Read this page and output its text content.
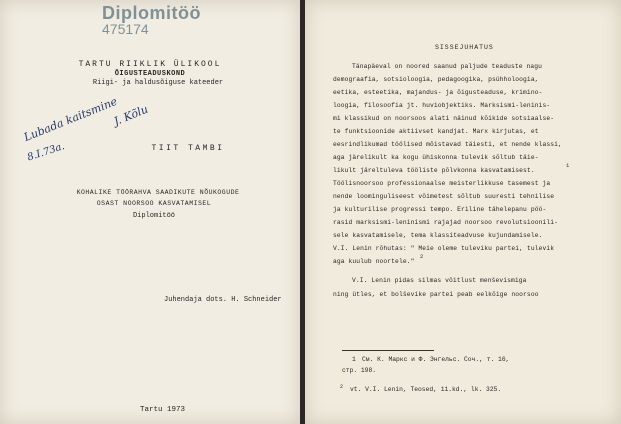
Diplomitöö
475174
TARTU RIIKLIK ÜLIKOOL
ÕIGUSTEADUSKOND
Riigi- ja haldusõiguse kateeder
Lubada kaitsmine
J. Kõlu
8.I.73a.	TIIT TAMBI
KOHALIKE TÖÖRAHVA SAADIKUTE NÕUKOGUDE
OSAST NOORSOO KASVATAMISEL
Diplomitöö
Juhendaja dots. H. Schneider
Tartu 1973
SISSEJUHATUS
Tänapäeval on noored saanud paljude teaduste nagu
demograafia, sotsioloogia, pedagoogika, psühholoogia,
eetika, esteetika, majandus- ja õigusteaduse, krimino-
loogia, filosoofia jt. huviobjektiks. Marksismi-leninis-
mi klassikud on noorsoos alati näinud kõikide sotsiaalse-
te funktsioonide aktiivset kandjat. Marx kirjutas, et
eesrindlikumad töölised mõistavad täiesti, et nende klassi,
aga järelikult ka kogu ühiskonna tulevik sõltub täie-
likult järeltuleva tööliste põlvkonna kasvatamisest.
1
Töölisnoorsoo professionaalse meisterlikkuse tasemest ja
nende loominguliseest võimetest sõltub suuresti tehnilise
ja kulturilise progressi tempo. Eriline tähelepanu pöö-
rasid marksismi-leninismi rajajad noorsoo revolutsioonili-
sele kasvatamisele, tema klassiteadvuse kujundamisele.
V.I. Lenin rõhutas: " Meie oleme tuleviku partei, tulevik
aga kuulub noortele."
2
V.I. Lenin pidas silmas võitlust menševismiga
ning ütles, et bolševike partei peab eelkõige noorsoo
1 См. К. Маркс и Ф. Энгельс. Соч., т. 16,
стр. 198.
2 vt. V.I. Lenin, Teosed, 11.kd., lk. 325.
